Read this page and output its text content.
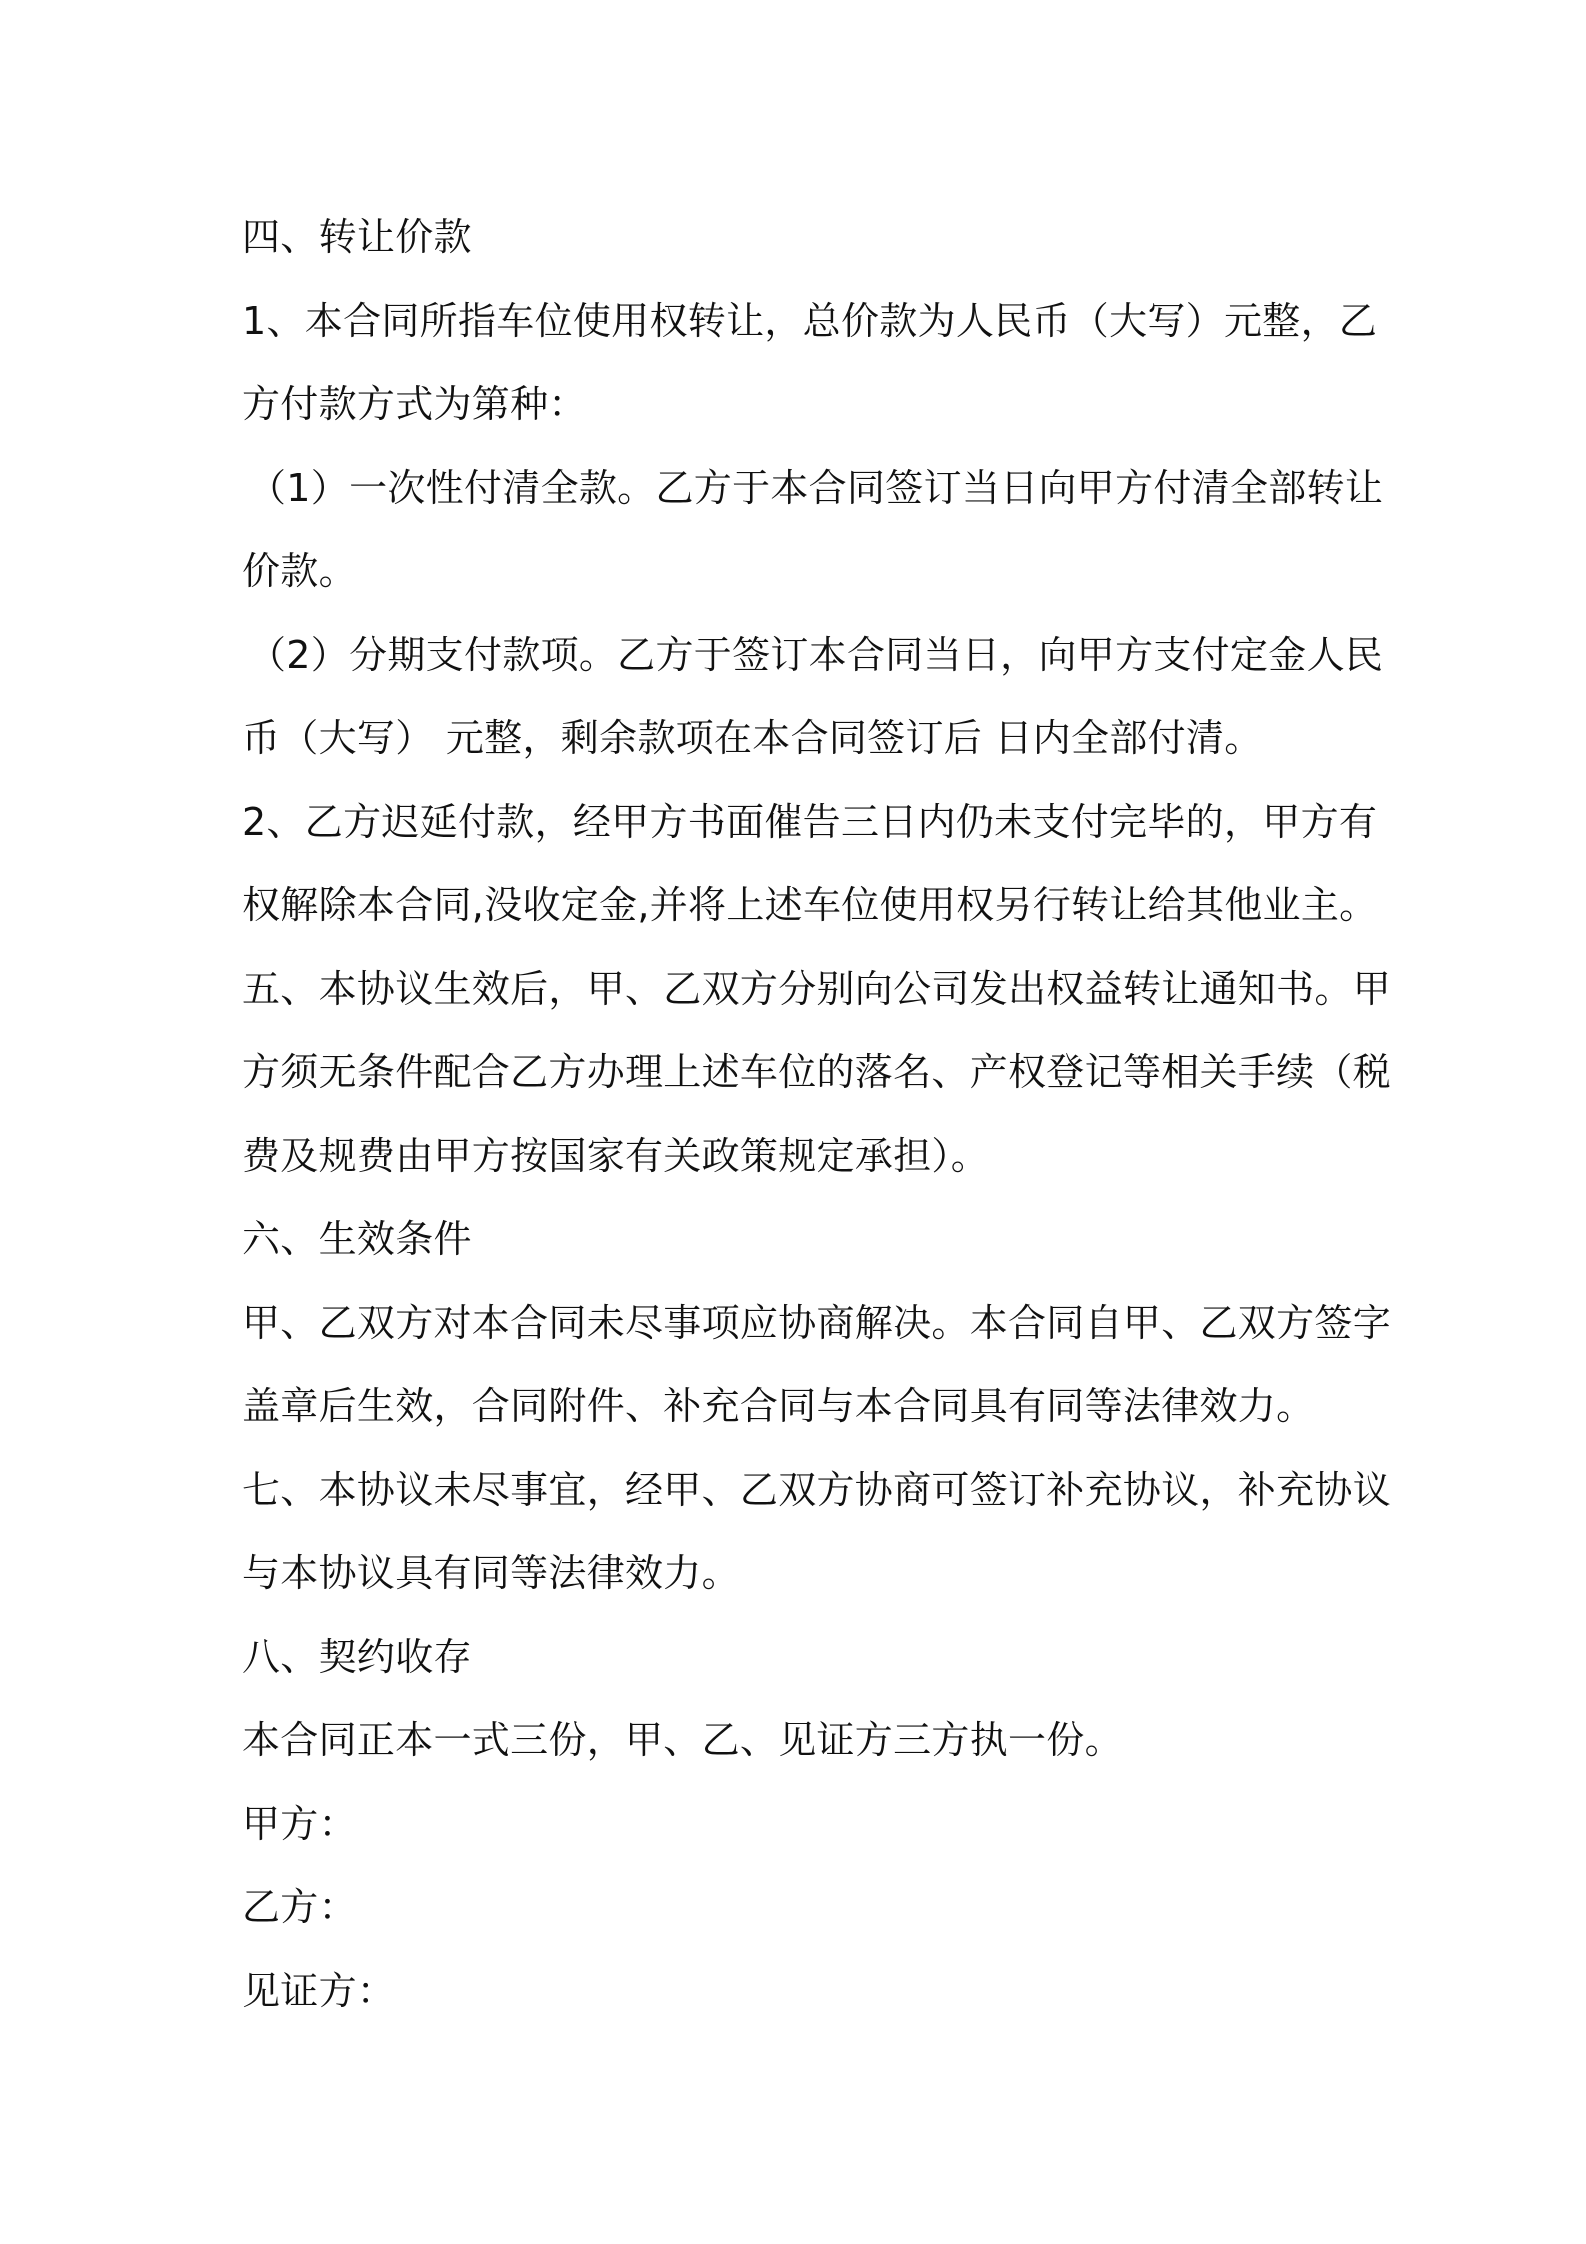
四、转让价款

1、本合同所指车位使用权转让，总价款为人民币（大写）元整，乙

方付款方式为第种：

（1）一次性付清全款。乙方于本合同签订当日向甲方付清全部转让

价款。

（2）分期支付款项。乙方于签订本合同当日，向甲方支付定金人民

币（大写） 元整，剩余款项在本合同签订后 日内全部付清。

2、乙方迟延付款，经甲方书面催告三日内仍未支付完毕的，甲方有

权解除本合同,没收定金,并将上述车位使用权另行转让给其他业主。

五、本协议生效后，甲、乙双方分别向公司发出权益转让通知书。甲

方须无条件配合乙方办理上述车位的落名、产权登记等相关手续（税

费及规费由甲方按国家有关政策规定承担）。

六、生效条件

甲、乙双方对本合同未尽事项应协商解决。本合同自甲、乙双方签字

盖章后生效，合同附件、补充合同与本合同具有同等法律效力。

七、本协议未尽事宜，经甲、乙双方协商可签订补充协议，补充协议

与本协议具有同等法律效力。

八、契约收存

本合同正本一式三份，甲、乙、见证方三方执一份。

甲方：

乙方：

见证方：
